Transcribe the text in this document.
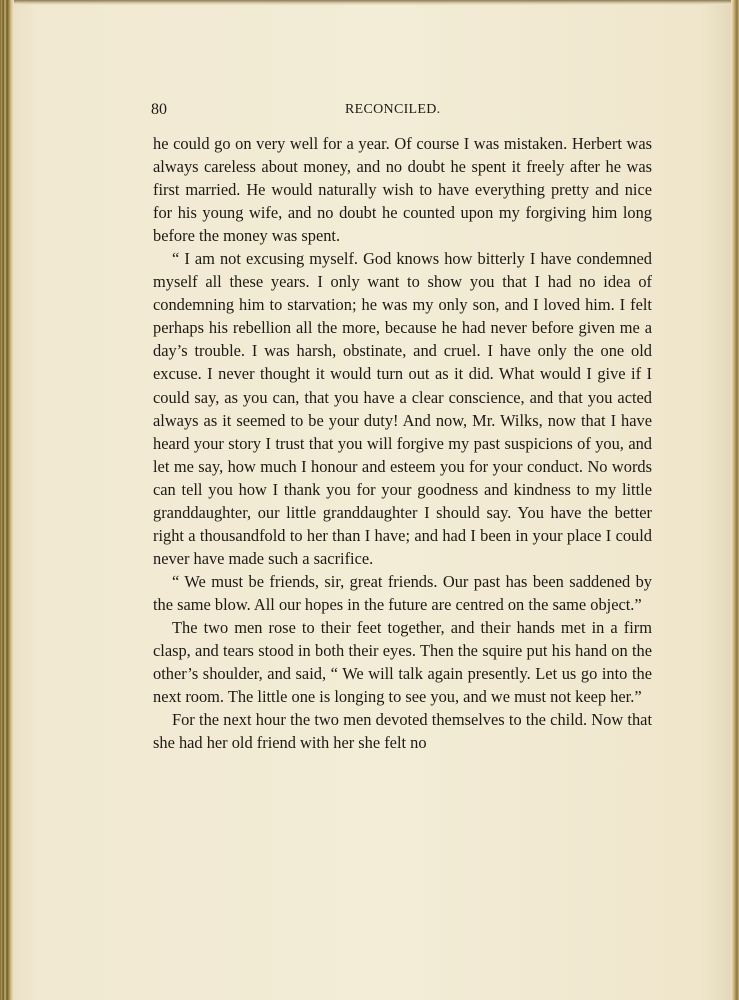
80	RECONCILED.

he could go on very well for a year. Of course I was mistaken. Herbert was always careless about money, and no doubt he spent it freely after he was first married. He would naturally wish to have everything pretty and nice for his young wife, and no doubt he counted upon my forgiving him long before the money was spent.

“ I am not excusing myself. God knows how bitterly I have condemned myself all these years. I only want to show you that I had no idea of condemning him to starvation; he was my only son, and I loved him. I felt perhaps his rebellion all the more, because he had never before given me a day’s trouble. I was harsh, obstinate, and cruel. I have only the one old excuse. I never thought it would turn out as it did. What would I give if I could say, as you can, that you have a clear conscience, and that you acted always as it seemed to be your duty! And now, Mr. Wilks, now that I have heard your story I trust that you will forgive my past suspicions of you, and let me say, how much I honour and esteem you for your conduct. No words can tell you how I thank you for your goodness and kindness to my little granddaughter, our little granddaughter I should say. You have the better right a thousandfold to her than I have; and had I been in your place I could never have made such a sacrifice.

“ We must be friends, sir, great friends. Our past has been saddened by the same blow. All our hopes in the future are centred on the same object.”

The two men rose to their feet together, and their hands met in a firm clasp, and tears stood in both their eyes. Then the squire put his hand on the other’s shoulder, and said, “ We will talk again presently. Let us go into the next room. The little one is longing to see you, and we must not keep her.”

For the next hour the two men devoted themselves to the child. Now that she had her old friend with her she felt no
